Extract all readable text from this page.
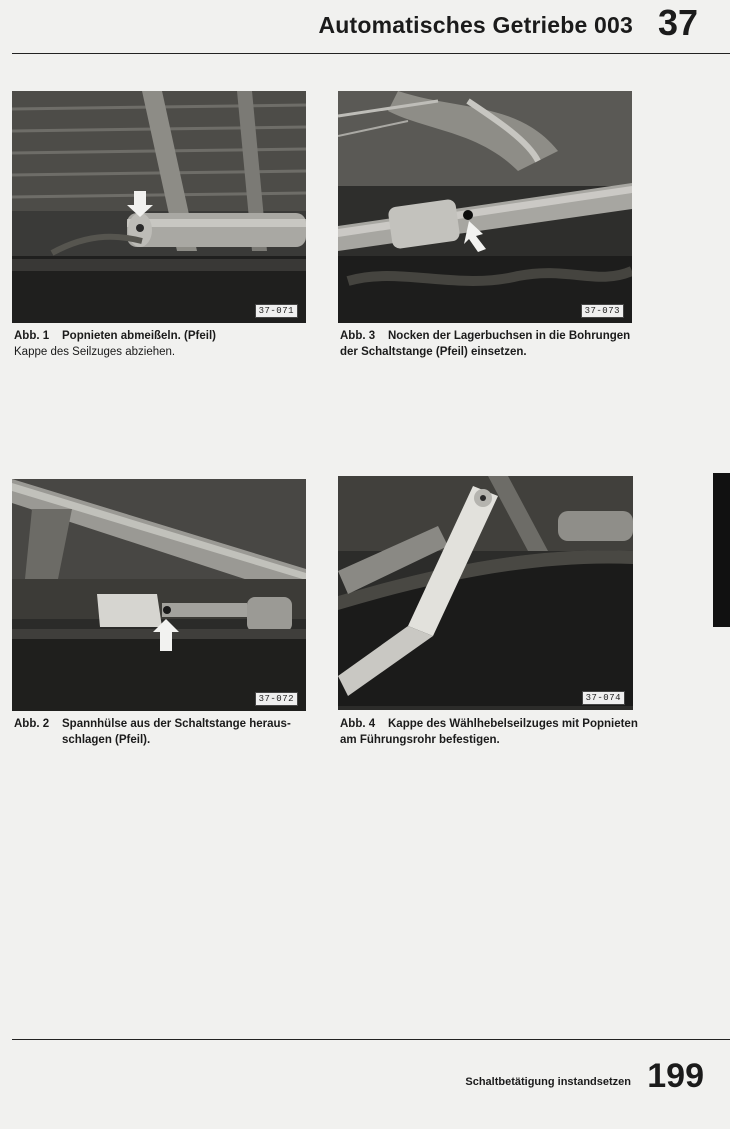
Automatisches Getriebe 003 37
37-071	37-073
37-072	37-074
Abb. 1 Popnieten abmeißeln. (Pfeil)
Kappe des Seilzuges abziehen.
Abb. 3 Nocken der Lagerbuchsen in die Bohrungen
der Schaltstange (Pfeil) einsetzen.
Abb. 2 Spannhülse aus der Schaltstange heraus-
schlagen (Pfeil).
Abb. 4 Kappe des Wählhebelseilzuges mit Popnieten
am Führungsrohr befestigen.
Schaltbetätigung instandsetzen 199
